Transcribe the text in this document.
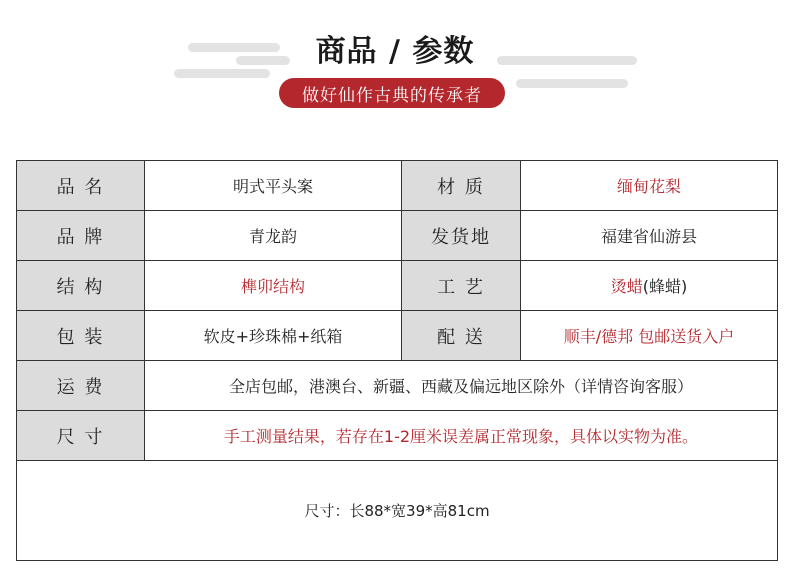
商品 / 参数
做好仙作古典的传承者
品 名	明式平头案	材 质	缅甸花梨
品 牌	青龙韵	发货地	福建省仙游县
结 构	榫卯结构	工 艺	烫蜡 (蜂蜡)
包 装	软皮+珍珠棉+纸箱	配 送	顺丰/德邦 包邮送货入户
运 费	全店包邮，港澳台、新疆、西藏及偏远地区除外（详情咨询客服）
尺 寸	手工测量结果，若存在1-2厘米误差属正常现象，具体以实物为准。
尺寸：长88*宽39*高81cm
